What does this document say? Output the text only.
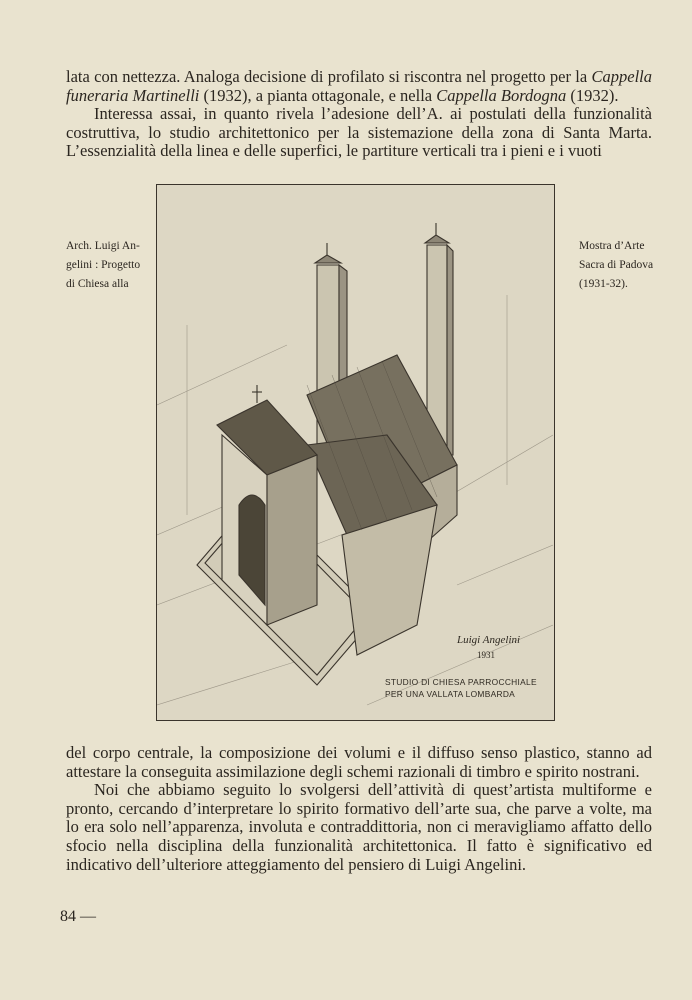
lata con nettezza. Analoga decisione di profilato si riscontra nel progetto per la Cappella funeraria Martinelli (1932), a pianta ottagonale, e nella Cappella Bordogna (1932).

Interessa assai, in quanto rivela l’adesione dell’A. ai postulati della funzionalità costruttiva, lo studio architettonico per la sistemazione della zona di Santa Marta. L’essenzialità della linea e delle superfici, le partiture verticali tra i pieni e i vuoti

Arch. Luigi An-
gelini : Progetto
di Chiesa alla
Mostra d’Arte
Sacra di Padova
(1931-32).
Luigi Angelini
1931
STUDIO DI CHIESA PARROCCHIALE
PER UNA VALLATA LOMBARDA

del corpo centrale, la composizione dei volumi e il diffuso senso plastico, stanno ad attestare la conseguita assimilazione degli schemi razionali di timbro e spirito nostrani.

Noi che abbiamo seguito lo svolgersi dell’attività di quest’artista multiforme e pronto, cercando d’interpretare lo spirito formativo dell’arte sua, che parve a volte, ma lo era solo nell’apparenza, involuta e contraddittoria, non ci meravigliamo affatto dello sfocio nella disciplina della funzionalità architettonica. Il fatto è significativo ed indicativo dell’ulteriore atteggiamento del pensiero di Luigi Angelini.

84 —
